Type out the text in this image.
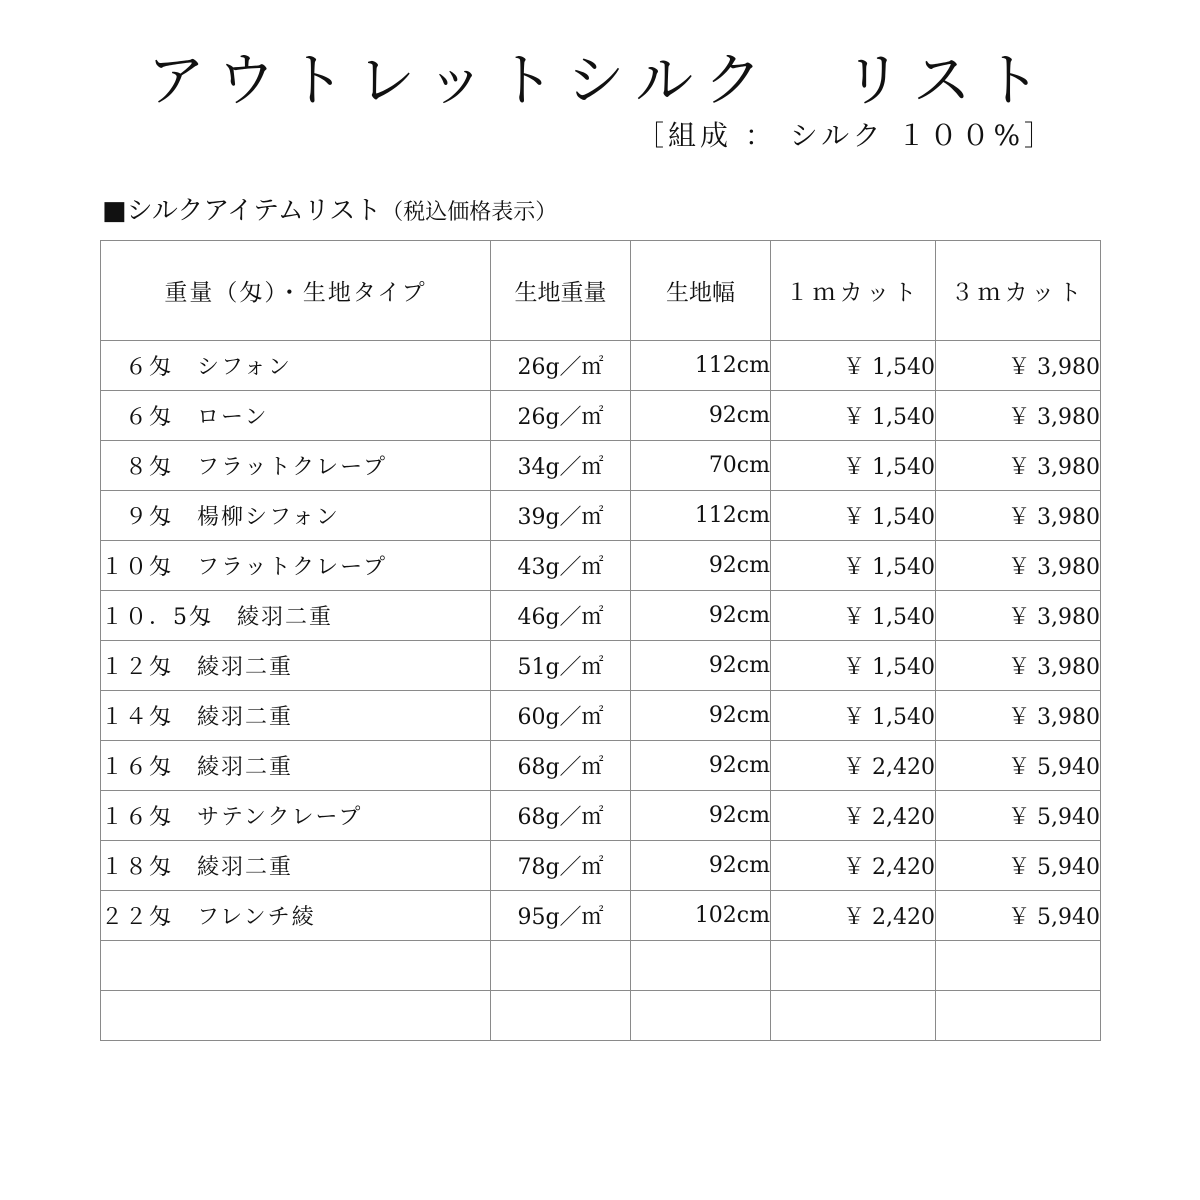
アウトレットシルク　リスト
［組成 ： シルク １００%］
■シルクアイテムリスト（税込価格表示）
重量（匁）・生地タイプ	生地重量	生地幅	１ｍカット	３ｍカット
　６匁　シフォン	26g／㎡	112cm	￥ 1,540	￥ 3,980
　６匁　ローン	26g／㎡	92cm	￥ 1,540	￥ 3,980
　８匁　フラットクレープ	34g／㎡	70cm	￥ 1,540	￥ 3,980
　９匁　楊柳シフォン	39g／㎡	112cm	￥ 1,540	￥ 3,980
１０匁　フラットクレープ	43g／㎡	92cm	￥ 1,540	￥ 3,980
１０．5匁　綾羽二重	46g／㎡	92cm	￥ 1,540	￥ 3,980
１２匁　綾羽二重	51g／㎡	92cm	￥ 1,540	￥ 3,980
１４匁　綾羽二重	60g／㎡	92cm	￥ 1,540	￥ 3,980
１６匁　綾羽二重	68g／㎡	92cm	￥ 2,420	￥ 5,940
１６匁　サテンクレープ	68g／㎡	92cm	￥ 2,420	￥ 5,940
１８匁　綾羽二重	78g／㎡	92cm	￥ 2,420	￥ 5,940
２２匁　フレンチ綾	95g／㎡	102cm	￥ 2,420	￥ 5,940
